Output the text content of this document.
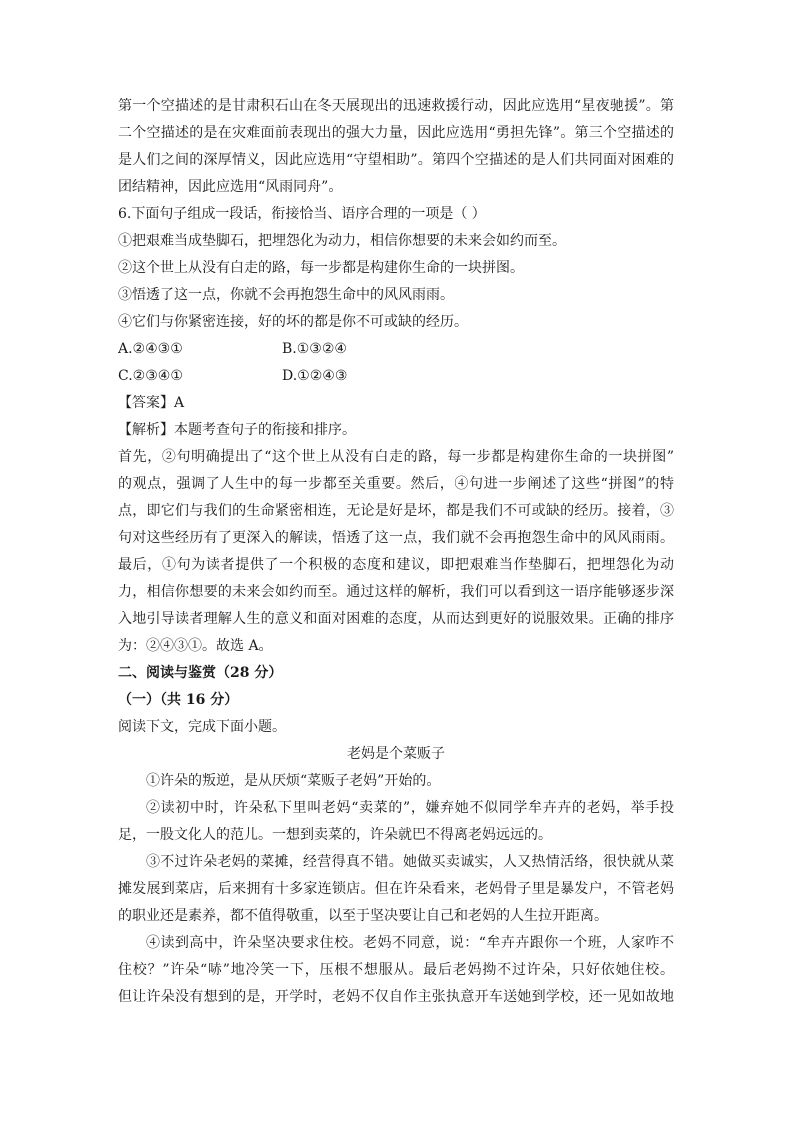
第一个空描述的是甘肃积石山在冬天展现出的迅速救援行动，因此应选用“星夜驰援”。第
二个空描述的是在灾难面前表现出的强大力量，因此应选用“勇担先锋”。第三个空描述的
是人们之间的深厚情义，因此应选用“守望相助”。第四个空描述的是人们共同面对困难的
团结精神，因此应选用“风雨同舟”。
6.下面句子组成一段话，衔接恰当、语序合理的一项是（ ）
①把艰难当成垫脚石，把埋怨化为动力，相信你想要的未来会如约而至。
②这个世上从没有白走的路，每一步都是构建你生命的一块拼图。
③悟透了这一点，你就不会再抱怨生命中的风风雨雨。
④它们与你紧密连接，好的坏的都是你不可或缺的经历。
A.②④③①	B.①③②④
C.②③④①	D.①②④③
【答案】A
【解析】本题考查句子的衔接和排序。
首先，②句明确提出了“这个世上从没有白走的路，每一步都是构建你生命的一块拼图”
的观点，强调了人生中的每一步都至关重要。然后，④句进一步阐述了这些“拼图”的特
点，即它们与我们的生命紧密相连，无论是好是坏，都是我们不可或缺的经历。接着，③
句对这些经历有了更深入的解读，悟透了这一点，我们就不会再抱怨生命中的风风雨雨。
最后，①句为读者提供了一个积极的态度和建议，即把艰难当作垫脚石，把埋怨化为动
力，相信你想要的未来会如约而至。通过这样的解析，我们可以看到这一语序能够逐步深
入地引导读者理解人生的意义和面对困难的态度，从而达到更好的说服效果。正确的排序
为：②④③①。故选 A。
二、阅读与鉴赏（28 分）
（一）（共 16 分）
阅读下文，完成下面小题。
老妈是个菜贩子
①许朵的叛逆，是从厌烦“菜贩子老妈”开始的。
②读初中时，许朵私下里叫老妈“卖菜的”，嫌弃她不似同学牟卉卉的老妈，举手投
足，一股文化人的范儿。一想到卖菜的，许朵就巴不得离老妈远远的。
③不过许朵老妈的菜摊，经营得真不错。她做买卖诚实，人又热情活络，很快就从菜
摊发展到菜店，后来拥有十多家连锁店。但在许朵看来，老妈骨子里是暴发户，不管老妈
的职业还是素养，都不值得敬重，以至于坚决要让自己和老妈的人生拉开距离。
④读到高中，许朵坚决要求住校。老妈不同意，说：“牟卉卉跟你一个班，人家咋不
住校？”许朵“哧”地冷笑一下，压根不想服从。最后老妈拗不过许朵，只好依她住校。
但让许朵没有想到的是，开学时，老妈不仅自作主张执意开车送她到学校，还一见如故地
